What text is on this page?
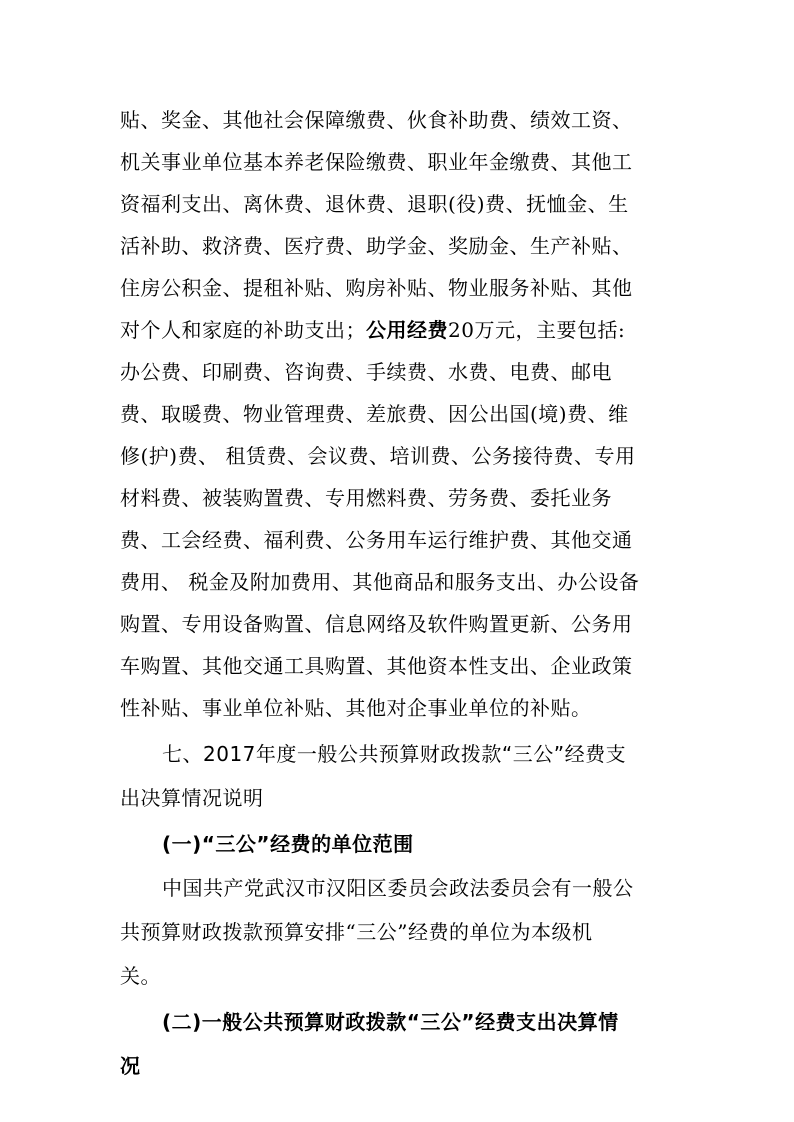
贴、奖金、其他社会保障缴费、伙食补助费、绩效工资、
机关事业单位基本养老保险缴费、职业年金缴费、其他工
资福利支出、离休费、退休费、退职(役)费、抚恤金、生
活补助、救济费、医疗费、助学金、奖励金、生产补贴、
住房公积金、提租补贴、购房补贴、物业服务补贴、其他
对个人和家庭的补助支出；公用经费20万元，主要包括:
办公费、印刷费、咨询费、手续费、水费、电费、邮电
费、取暖费、物业管理费、差旅费、因公出国(境)费、维
修(护)费、 租赁费、会议费、培训费、公务接待费、专用
材料费、被装购置费、专用燃料费、劳务费、委托业务
费、工会经费、福利费、公务用车运行维护费、其他交通
费用、 税金及附加费用、其他商品和服务支出、办公设备
购置、专用设备购置、信息网络及软件购置更新、公务用
车购置、其他交通工具购置、其他资本性支出、企业政策
性补贴、事业单位补贴、其他对企事业单位的补贴。
七、2017年度一般公共预算财政拨款“三公”经费支
出决算情况说明
(一)“三公”经费的单位范围
中国共产党武汉市汉阳区委员会政法委员会有一般公
共预算财政拨款预算安排“三公”经费的单位为本级机
关。
(二)一般公共预算财政拨款“三公”经费支出决算情
况
